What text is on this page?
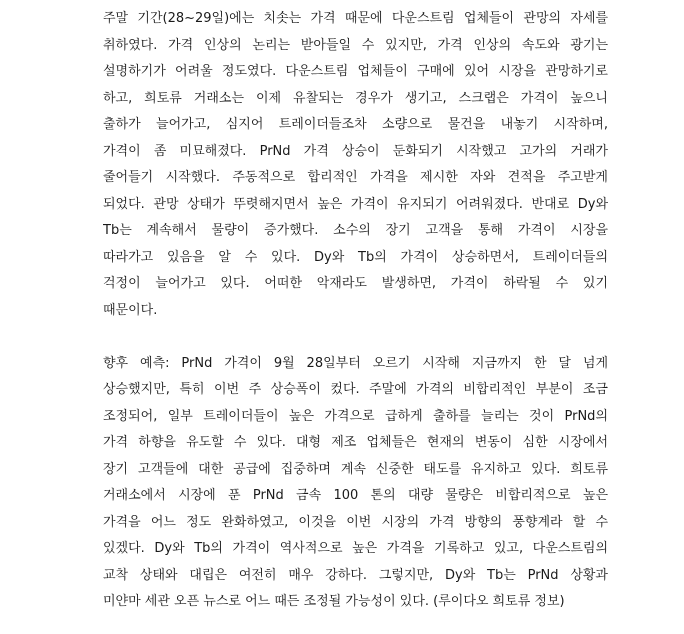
주말 기간(28~29일)에는 치솟는 가격 때문에 다운스트림 업체들이 관망의 자세를
취하였다. 가격 인상의 논리는 받아들일 수 있지만, 가격 인상의 속도와 광기는
설명하기가 어려울 정도였다. 다운스트림 업체들이 구매에 있어 시장을 관망하기로
하고, 희토류 거래소는 이제 유찰되는 경우가 생기고, 스크랩은 가격이 높으니
출하가 늘어가고, 심지어 트레이더들조차 소량으로 물건을 내놓기 시작하며,
가격이 좀 미묘해졌다. PrNd 가격 상승이 둔화되기 시작했고 고가의 거래가
줄어들기 시작했다. 주동적으로 합리적인 가격을 제시한 자와 견적을 주고받게
되었다. 관망 상태가 뚜렷해지면서 높은 가격이 유지되기 어려워졌다. 반대로 Dy와
Tb는 계속해서 물량이 증가했다. 소수의 장기 고객을 통해 가격이 시장을
따라가고 있음을 알 수 있다. Dy와 Tb의 가격이 상승하면서, 트레이더들의
걱정이 늘어가고 있다. 어떠한 악재라도 발생하면, 가격이 하락될 수 있기
때문이다.
향후 예측: PrNd 가격이 9월 28일부터 오르기 시작해 지금까지 한 달 넘게
상승했지만, 특히 이번 주 상승폭이 컸다. 주말에 가격의 비합리적인 부분이 조금
조정되어, 일부 트레이더들이 높은 가격으로 급하게 출하를 늘리는 것이 PrNd의
가격 하향을 유도할 수 있다. 대형 제조 업체들은 현재의 변동이 심한 시장에서
장기 고객들에 대한 공급에 집중하며 계속 신중한 태도를 유지하고 있다. 희토류
거래소에서 시장에 푼 PrNd 금속 100 톤의 대량 물량은 비합리적으로 높은
가격을 어느 정도 완화하였고, 이것을 이번 시장의 가격 방향의 풍향계라 할 수
있겠다. Dy와 Tb의 가격이 역사적으로 높은 가격을 기록하고 있고, 다운스트림의
교착 상태와 대립은 여전히 매우 강하다. 그렇지만, Dy와 Tb는 PrNd 상황과
미얀마 세관 오픈 뉴스로 어느 때든 조정될 가능성이 있다. (루이다오 희토류 정보)
